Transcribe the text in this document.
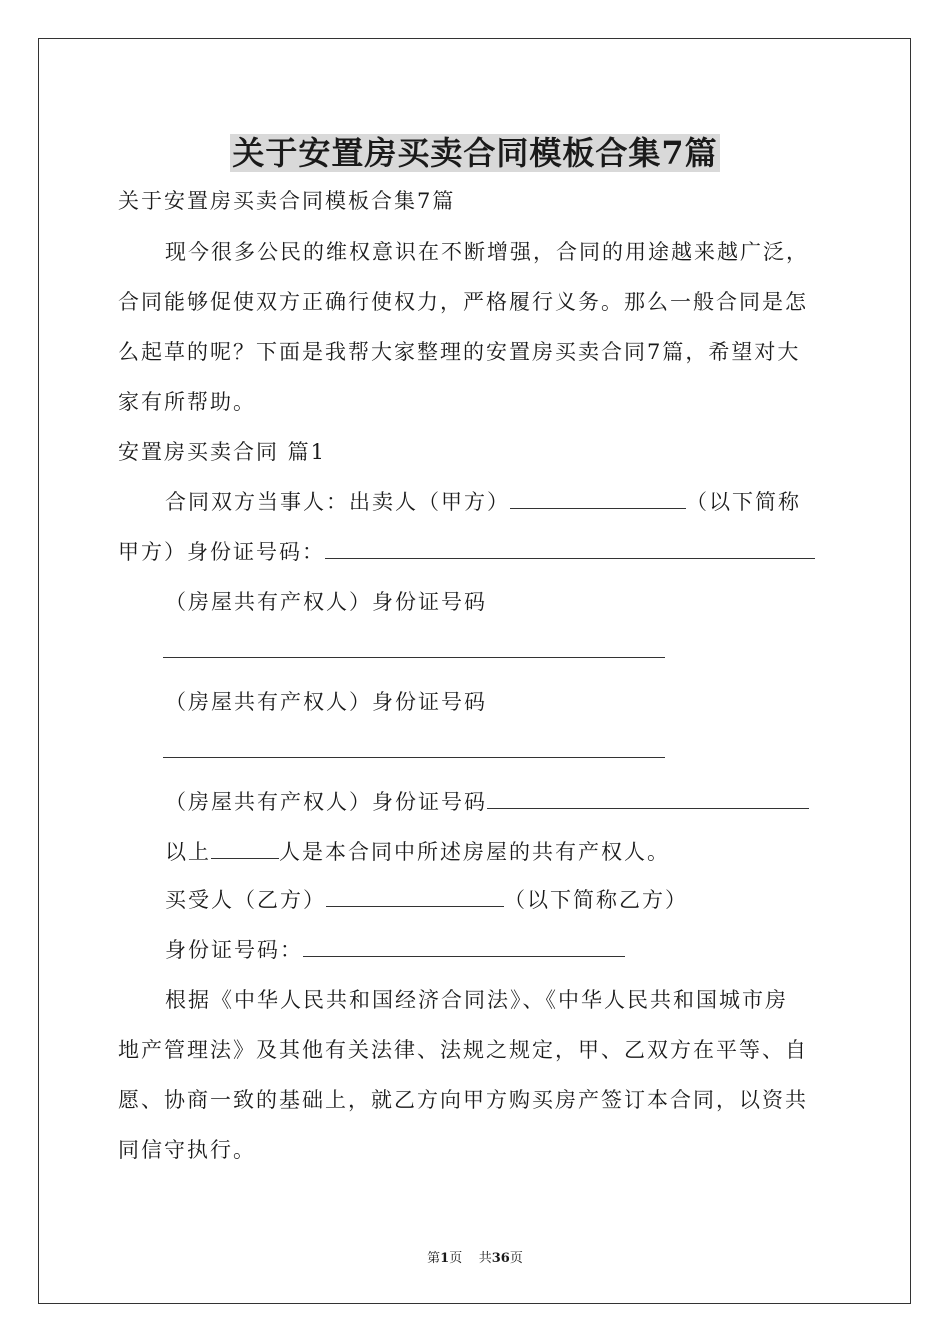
关于安置房买卖合同模板合集7篇
关于安置房买卖合同模板合集7篇
现今很多公民的维权意识在不断增强，合同的用途越来越广泛，
合同能够促使双方正确行使权力，严格履行义务。那么一般合同是怎
么起草的呢？下面是我帮大家整理的安置房买卖合同7篇，希望对大
家有所帮助。
安置房买卖合同 篇1
合同双方当事人：出卖人（甲方）	（以下简称
甲方）身份证号码：
（房屋共有产权人）身份证号码
（房屋共有产权人）身份证号码
（房屋共有产权人）身份证号码
以上	人是本合同中所述房屋的共有产权人。
买受人（乙方）	（以下简称乙方）
身份证号码：
根据《中华人民共和国经济合同法》、《中华人民共和国城市房
地产管理法》及其他有关法律、法规之规定，甲、乙双方在平等、自
愿、协商一致的基础上，就乙方向甲方购买房产签订本合同，以资共
同信守执行。
第1页    共36页
